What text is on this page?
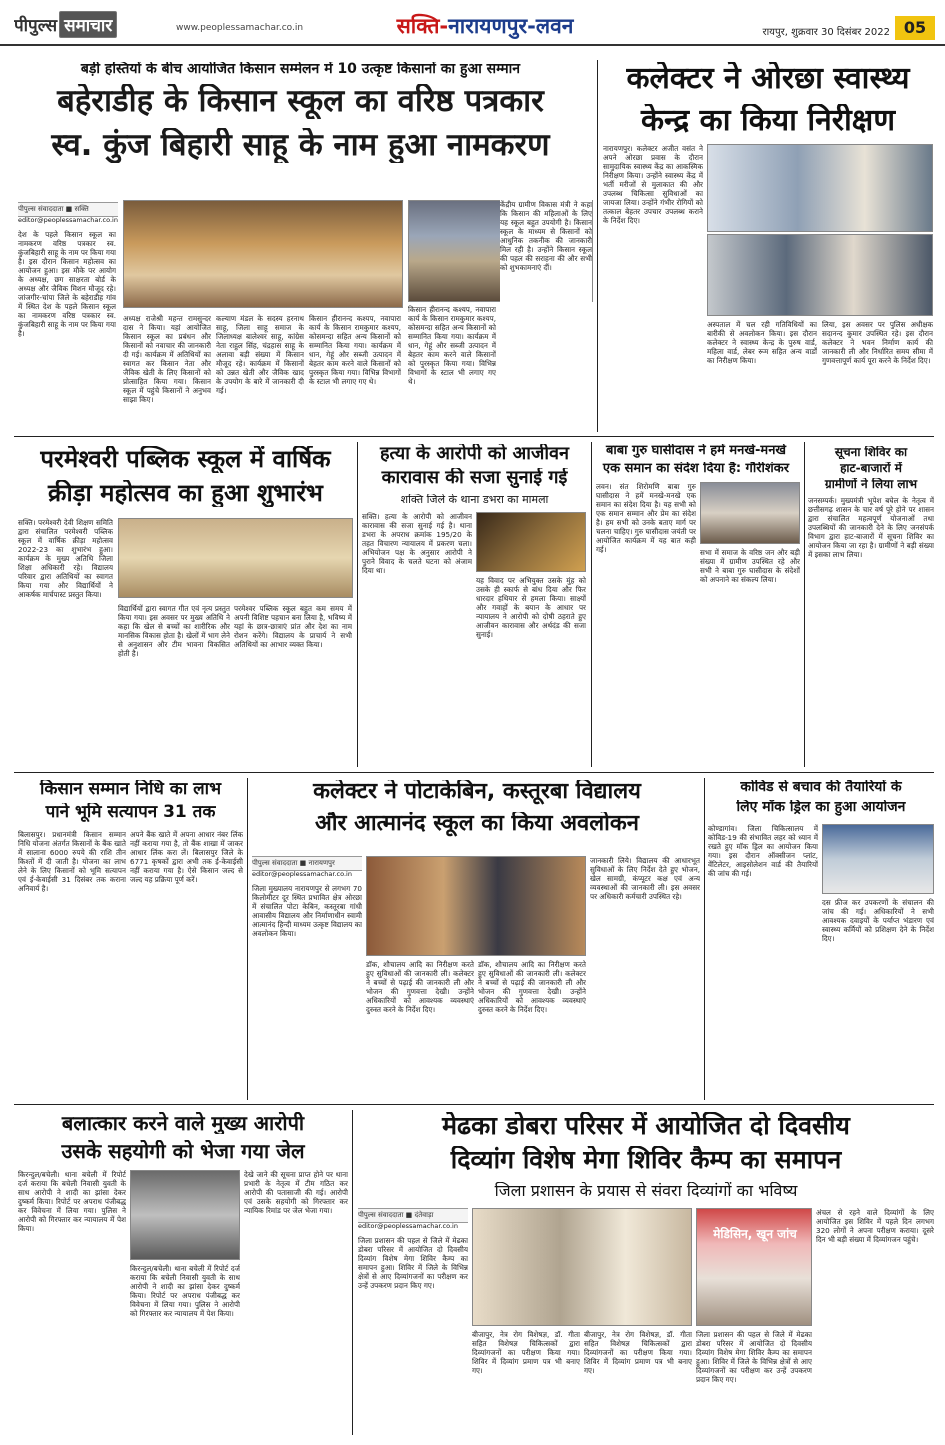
पीपुल्स समाचार	www.peoplessamachar.co.in	सक्ति-नारायणपुर-लवन	रायपुर, शुक्रवार 30 दिसंबर 2022 05
बड़ी हस्तियों के बीच आयोजित किसान सम्मेलन में 10 उत्कृष्ट किसानों का हुआ सम्मान
बहेराडीह के किसान स्कूल का वरिष्ठ पत्रकार
स्व. कुंज बिहारी साहू के नाम हुआ नामकरण
पीपुल्स संवाददाता ■ सक्ति
editor@peoplessamachar.co.in
देश के पहले किसान स्कूल का नामकरण वरिष्ठ पत्रकार स्व. कुंजबिहारी साहू के नाम पर किया गया है। इस दौरान किसान महोत्सव का आयोजन हुआ। इस मौके पर आयोग के अध्यक्ष, छग साक्षरता बोर्ड के अध्यक्ष और जैविक मिशन मौजूद रहे। जांजगीर-चांपा जिले के बहेराडीह गांव में स्थित देश के पहले किसान स्कूल का नामकरण वरिष्ठ पत्रकार स्व. कुंजबिहारी साहू के नाम पर किया गया है।
अध्यक्ष राजेश्री महन्त रामसुन्दर दास ने किया। यहां आयोजित किसान स्कूल का प्रबंधन और किसानों को नवाचार की जानकारी दी गई। कार्यक्रम में अतिथियों का स्वागत कर किसान नेता और जैविक खेती के लिए किसानों को प्रोत्साहित किया गया। किसान स्कूल में पहुंचे किसानों ने अनुभव साझा किए।
कल्याण मंडल के सदस्य हरनाथ साहू, जिला साहू समाज के जिलाध्यक्ष बालेश्वर साहू, कांग्रेस नेता राहुल सिंह, चंद्रहास साहू के अलावा बड़ी संख्या में किसान मौजूद रहे। कार्यक्रम में किसानों को उन्नत खेती और जैविक खाद के उपयोग के बारे में जानकारी दी गई।
किसान हीरानन्द कश्यप, नवापारा कार्य के किसान रामकुमार कश्यप, कोसमन्दा सहित अन्य किसानों को सम्मानित किया गया। कार्यक्रम में धान, गेहूं और सब्जी उत्पादन में बेहतर काम करने वाले किसानों को पुरस्कृत किया गया। विभिन्न विभागों के स्टाल भी लगाए गए थे।
किसान हीरानन्द कश्यप, नवापारा कार्य के किसान रामकुमार कश्यप, कोसमन्दा सहित अन्य किसानों को सम्मानित किया गया। कार्यक्रम में धान, गेहूं और सब्जी उत्पादन में बेहतर काम करने वाले किसानों को पुरस्कृत किया गया। विभिन्न विभागों के स्टाल भी लगाए गए थे।
केंद्रीय ग्रामीण विकास मंत्री ने कहा कि किसान की महिलाओं के लिए यह स्कूल बहुत उपयोगी है। किसान स्कूल के माध्यम से किसानों को आधुनिक तकनीक की जानकारी मिल रही है। उन्होंने किसान स्कूल की पहल की सराहना की और सभी को शुभकामनाएं दीं।
कलेक्टर ने ओरछा स्वास्थ्य
केन्द्र का किया निरीक्षण
नारायणपुर। कलेक्टर अजीत वसंत ने अपने ओरछा प्रवास के दौरान सामुदायिक स्वास्थ्य केंद्र का आकस्मिक निरीक्षण किया। उन्होंने स्वास्थ्य केंद्र में भर्ती मरीजों से मुलाकात की और उपलब्ध चिकित्सा सुविधाओं का जायजा लिया। उन्होंने गंभीर रोगियों को तत्काल बेहतर उपचार उपलब्ध कराने के निर्देश दिए।
अस्पताल में चल रही गतिविधियों का बारीकी से अवलोकन किया। इस दौरान कलेक्टर ने स्वास्थ्य केन्द्र के पुरुष वार्ड, महिला वार्ड, लेबर रूम सहित अन्य वार्डों का निरीक्षण किया।
लिया, इस अवसर पर पुलिस अधीक्षक सदानन्द कुमार उपस्थित रहे। इस दौरान कलेक्टर ने भवन निर्माण कार्य की जानकारी ली और निर्धारित समय सीमा में गुणवत्तापूर्ण कार्य पूरा करने के निर्देश दिए।
परमेश्वरी पब्लिक स्कूल में वार्षिक
क्रीड़ा महोत्सव का हुआ शुभारंभ
सक्ति। परमेश्वरी देवी शिक्षण समिति द्वारा संचालित परमेश्वरी पब्लिक स्कूल में वार्षिक क्रीड़ा महोत्सव 2022-23 का शुभारंभ हुआ। कार्यक्रम के मुख्य अतिथि जिला शिक्षा अधिकारी रहे। विद्यालय परिवार द्वारा अतिथियों का स्वागत किया गया और विद्यार्थियों ने आकर्षक मार्चपास्ट प्रस्तुत किया।
विद्यार्थियों द्वारा स्वागत गीत एवं नृत्य प्रस्तुत किया गया। इस अवसर पर मुख्य अतिथि ने कहा कि खेल से बच्चों का शारीरिक और मानसिक विकास होता है। खेलों में भाग लेने से अनुशासन और टीम भावना विकसित होती है।
परमेश्वर पब्लिक स्कूल बहुत कम समय में अपनी विशिष्ट पहचान बना लिया है, भविष्य में यहां के छात्र-छात्राएं प्रांत और देश का नाम रोशन करेंगे। विद्यालय के प्राचार्य ने सभी अतिथियों का आभार व्यक्त किया।
हत्या के आरोपी को आजीवन
कारावास की सजा सुनाई गई
शक्ति जिले के थाना डभरा का मामला
सक्ति। हत्या के आरोपी को आजीवन कारावास की सजा सुनाई गई है। थाना डभरा के अपराध क्रमांक 195/20 के तहत विचारण न्यायालय में प्रकरण चला। अभियोजन पक्ष के अनुसार आरोपी ने पुराने विवाद के चलते घटना को अंजाम दिया था।
यह विवाद पर अभियुक्त उसके मुंह को उसके ही स्कार्फ से बांध दिया और फिर धारदार हथियार से हमला किया। साक्ष्यों और गवाहों के बयान के आधार पर न्यायालय ने आरोपी को दोषी ठहराते हुए आजीवन कारावास और अर्थदंड की सजा सुनाई।
बाबा गुरु घासीदास ने हमें मनखे-मनखे
एक समान का संदेश दिया है: गौरीशंकर
लवन। संत शिरोमणि बाबा गुरु घासीदास ने हमें मनखे-मनखे एक समान का संदेश दिया है। यह सभी को एक समान सम्मान और प्रेम का संदेश है। हम सभी को उनके बताए मार्ग पर चलना चाहिए। गुरु घासीदास जयंती पर आयोजित कार्यक्रम में यह बात कही गई।	सभा में समाज के वरिष्ठ जन और बड़ी संख्या में ग्रामीण उपस्थित रहे और सभी ने बाबा गुरु घासीदास के संदेशों को अपनाने का संकल्प लिया।
सूचना शिविर का
हाट-बाजारों में
ग्रामीणों ने लिया लाभ
जनसम्पर्क। मुख्यमंत्री भूपेश बघेल के नेतृत्व में छत्तीसगढ़ शासन के चार वर्ष पूरे होने पर शासन द्वारा संचालित महत्वपूर्ण योजनाओं तथा उपलब्धियों की जानकारी देने के लिए जनसंपर्क विभाग द्वारा हाट-बाजारों में सूचना शिविर का आयोजन किया जा रहा है। ग्रामीणों ने बड़ी संख्या में इसका लाभ लिया।
किसान सम्मान निधि का लाभ
पाने भूमि सत्यापन 31 तक
बिलासपुर। प्रधानमंत्री किसान सम्मान निधि योजना अंतर्गत किसानों के बैंक खाते में सालाना 6000 रुपये की राशि तीन किश्तों में दी जाती है। योजना का लाभ लेने के लिए किसानों को भूमि सत्यापन एवं ई-केवाईसी 31 दिसंबर तक कराना अनिवार्य है।
अपने बैंक खाते में अपना आधार नंबर लिंक नहीं कराया गया है, तो बैंक शाखा में जाकर आधार लिंक करा लें। बिलासपुर जिले के 6771 कृषकों द्वारा अभी तक ई-केवाईसी नहीं कराया गया है। ऐसे किसान जल्द से जल्द यह प्रक्रिया पूर्ण करें।
कलेक्टर ने पोटाकेबिन, कस्तूरबा विद्यालय
और आत्मानंद स्कूल का किया अवलोकन
पीपुल्स संवाददाता ■ नारायणपुर
editor@peoplessamachar.co.in
जिला मुख्यालय नारायणपुर से लगभग 70 किलोमीटर दूर स्थित प्रभावित क्षेत्र ओरछा में संचालित पोटा केबिन, कस्तूरबा गांधी आवासीय विद्यालय और निर्माणाधीन स्वामी आत्मानंद हिन्दी माध्यम उत्कृष्ट विद्यालय का अवलोकन किया।
डॉक, शौचालय आदि का निरीक्षण करते हुए सुविधाओं की जानकारी ली। कलेक्टर ने बच्चों से पढ़ाई की जानकारी ली और भोजन की गुणवत्ता देखी। उन्होंने अधिकारियों को आवश्यक व्यवस्थाएं दुरुस्त करने के निर्देश दिए।
डॉक, शौचालय आदि का निरीक्षण करते हुए सुविधाओं की जानकारी ली। कलेक्टर ने बच्चों से पढ़ाई की जानकारी ली और भोजन की गुणवत्ता देखी। उन्होंने अधिकारियों को आवश्यक व्यवस्थाएं दुरुस्त करने के निर्देश दिए।
जानकारी लिये। विद्यालय की आधारभूत सुविधाओं के लिए निर्देश देते हुए भोजन, खेल सामग्री, कंप्यूटर कक्ष एवं अन्य व्यवस्थाओं की जानकारी ली। इस अवसर पर अधिकारी कर्मचारी उपस्थित रहे।
कोविड से बचाव की तैयारियों के
लिए मॉक ड्रिल का हुआ आयोजन
कोण्डागांव। जिला चिकित्सालय में कोविड-19 की संभावित लहर को ध्यान में रखते हुए मॉक ड्रिल का आयोजन किया गया। इस दौरान ऑक्सीजन प्लांट, वेंटिलेटर, आइसोलेशन वार्ड की तैयारियों की जांच की गई।
दस फ्रीज कर उपकरणों के संचालन की जांच की गई। अधिकारियों ने सभी आवश्यक दवाइयों के पर्याप्त भंडारण एवं स्वास्थ्य कर्मियों को प्रशिक्षण देने के निर्देश दिए।
बलात्कार करने वाले मुख्य आरोपी
उसके सहयोगी को भेजा गया जेल
किरन्दुल/बचेली। थाना बचेली में रिपोर्ट दर्ज कराया कि बचेली निवासी युवती के साथ आरोपी ने शादी का झांसा देकर दुष्कर्म किया। रिपोर्ट पर अपराध पंजीबद्ध कर विवेचना में लिया गया। पुलिस ने आरोपी को गिरफ्तार कर न्यायालय में पेश किया।
किरन्दुल/बचेली। थाना बचेली में रिपोर्ट दर्ज कराया कि बचेली निवासी युवती के साथ आरोपी ने शादी का झांसा देकर दुष्कर्म किया। रिपोर्ट पर अपराध पंजीबद्ध कर विवेचना में लिया गया। पुलिस ने आरोपी को गिरफ्तार कर न्यायालय में पेश किया।
देखे जाने की सूचना प्राप्त होने पर थाना प्रभारी के नेतृत्व में टीम गठित कर आरोपी की पतासाजी की गई। आरोपी एवं उसके सहयोगी को गिरफ्तार कर न्यायिक रिमांड पर जेल भेजा गया।
मेढका डोबरा परिसर में आयोजित दो दिवसीय
दिव्यांग विशेष मेगा शिविर कैम्प का समापन
जिला प्रशासन के प्रयास से संवरा दिव्यांगों का भविष्य
पीपुल्स संवाददाता ■ दंतेवाड़ा
editor@peoplessamachar.co.in
जिला प्रशासन की पहल से जिले में मेढका डोबरा परिसर में आयोजित दो दिवसीय दिव्यांग विशेष मेगा शिविर कैम्प का समापन हुआ। शिविर में जिले के विभिन्न क्षेत्रों से आए दिव्यांगजनों का परीक्षण कर उन्हें उपकरण प्रदान किए गए।
मेडिसिन, खून जांच
बीजापुर, नेत्र रोग विशेषज्ञ, डॉ. गीता सहित विशेषज्ञ चिकित्सकों द्वारा दिव्यांगजनों का परीक्षण किया गया। शिविर में दिव्यांग प्रमाण पत्र भी बनाए गए।
बीजापुर, नेत्र रोग विशेषज्ञ, डॉ. गीता सहित विशेषज्ञ चिकित्सकों द्वारा दिव्यांगजनों का परीक्षण किया गया। शिविर में दिव्यांग प्रमाण पत्र भी बनाए गए।
जिला प्रशासन की पहल से जिले में मेढका डोबरा परिसर में आयोजित दो दिवसीय दिव्यांग विशेष मेगा शिविर कैम्प का समापन हुआ। शिविर में जिले के विभिन्न क्षेत्रों से आए दिव्यांगजनों का परीक्षण कर उन्हें उपकरण प्रदान किए गए।
अंचल से रहने वाले दिव्यांगों के लिए आयोजित इस शिविर में पहले दिन लगभग 320 लोगों ने अपना परीक्षण कराया। दूसरे दिन भी बड़ी संख्या में दिव्यांगजन पहुंचे।
